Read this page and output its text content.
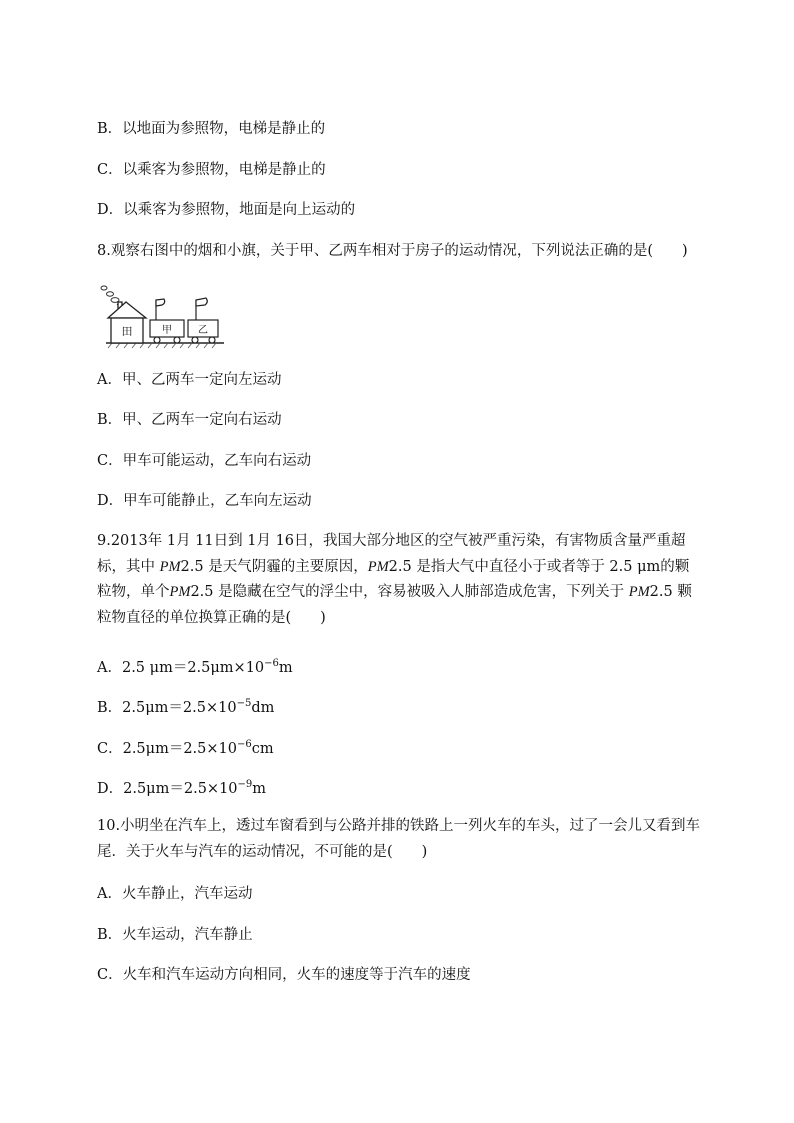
B．以地面为参照物，电梯是静止的
C．以乘客为参照物，电梯是静止的
D．以乘客为参照物，地面是向上运动的
8.观察右图中的烟和小旗，关于甲、乙两车相对于房子的运动情况，下列说法正确的是(　　)
田	甲	乙
A．甲、乙两车一定向左运动
B．甲、乙两车一定向右运动
C．甲车可能运动，乙车向右运动
D．甲车可能静止，乙车向左运动
9.2013年 1月 11日到 1月 16日，我国大部分地区的空气被严重污染，有害物质含量严重超标，其中 PM2.5 是天气阴霾的主要原因，PM2.5 是指大气中直径小于或者等于 2.5 μm的颗粒物，单个PM2.5 是隐藏在空气的浮尘中，容易被吸入人肺部造成危害，下列关于 PM2.5 颗粒物直径的单位换算正确的是(　　)
A．2.5 $\mu m=2.5\mu m\times 10^{-6}m$
B．$2.5\mu m=2.5\times 10^{-5}dm$
C．$2.5\mu m=2.5\times 10^{-6}cm$
D．$2.5\mu m=2.5\times 10^{-9}m$
10.小明坐在汽车上，透过车窗看到与公路并排的铁路上一列火车的车头，过了一会儿又看到车尾．关于火车与汽车的运动情况，不可能的是(　　)
A．火车静止，汽车运动
B．火车运动，汽车静止
C．火车和汽车运动方向相同，火车的速度等于汽车的速度
